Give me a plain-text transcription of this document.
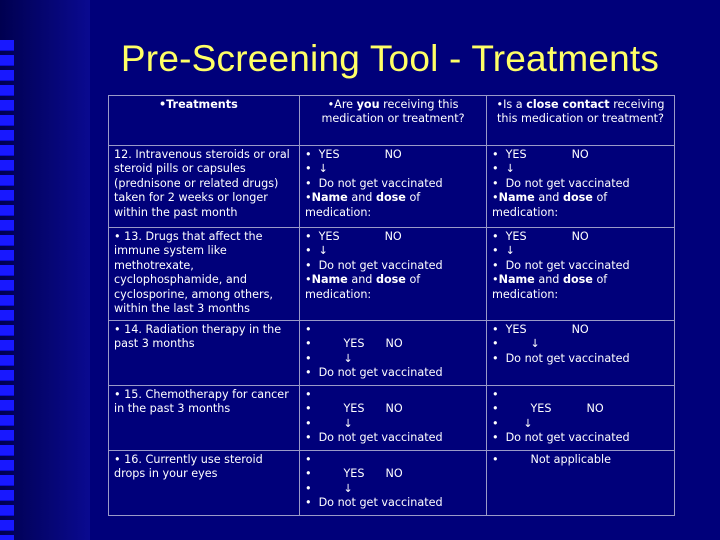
Pre-Screening Tool - Treatments
•Treatments	•Are you receiving this medication or treatment?	•Is a close contact receiving this medication or treatment?
12. Intravenous steroids or oral steroid pills or capsules (prednisone or related drugs) taken for 2 weeks or longer within the past month	• YES NO
• ↓
• Do not get vaccinated
•Name and dose of
medication:	• YES NO
• ↓
• Do not get vaccinated
•Name and dose of
medication:

• 13. Drugs that affect the immune system like methotrexate, cyclophosphamide, and cyclosporine, among others, within the last 3 months	• YES NO
• ↓
• Do not get vaccinated
•Name and dose of
medication:	• YES NO
• ↓
• Do not get vaccinated
•Name and dose of
medication:

• 14. Radiation therapy in the past 3 months	•
• YES NO
• ↓
• Do not get vaccinated	• YES NO
• ↓
• Do not get vaccinated

• 15. Chemotherapy for cancer in the past 3 months	•
• YES NO
• ↓
• Do not get vaccinated	•
• YES NO
• ↓
• Do not get vaccinated

• 16. Currently use steroid drops in your eyes	•
• YES NO
• ↓
• Do not get vaccinated	• Not applicable
